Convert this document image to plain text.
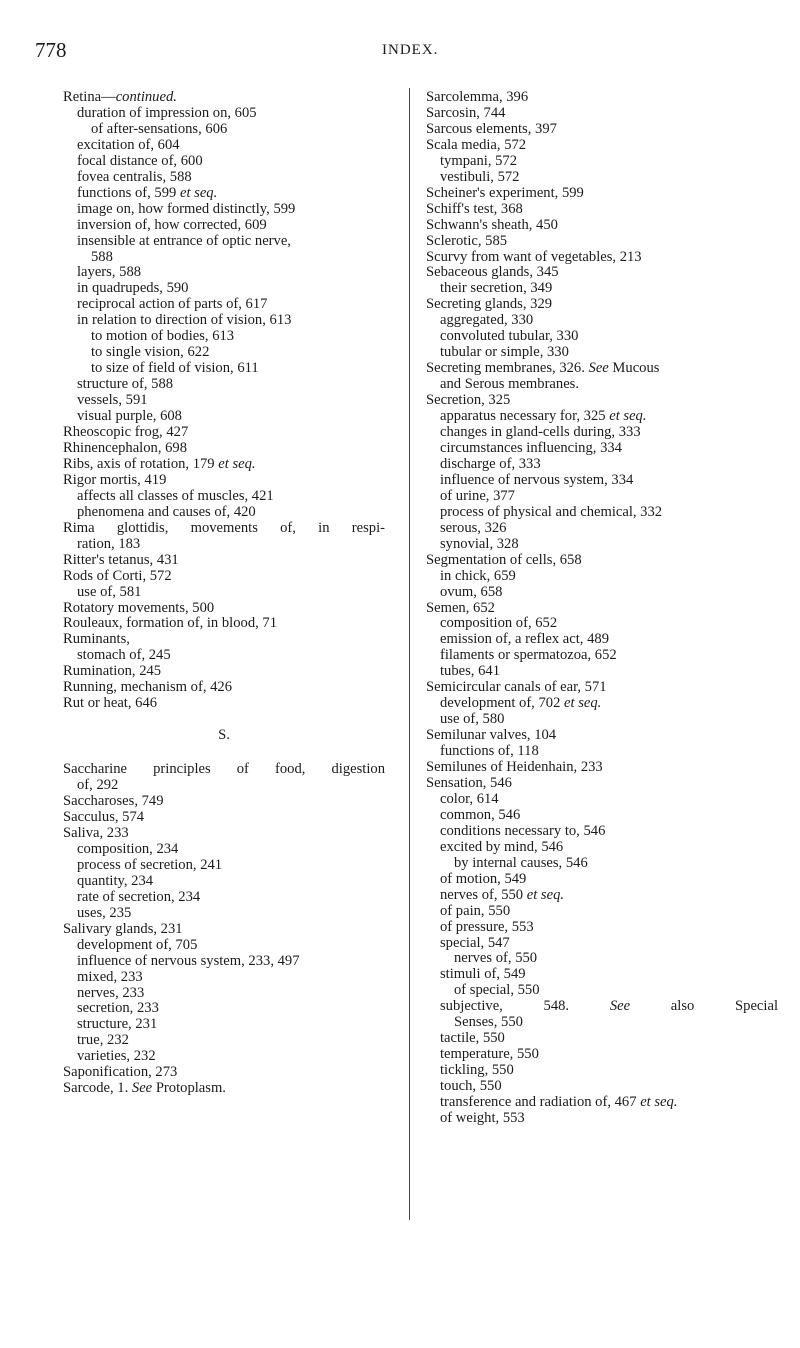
778	INDEX.
Retina—continued.
duration of impression on, 605
of after-sensations, 606
excitation of, 604
focal distance of, 600
fovea centralis, 588
functions of, 599 et seq.
image on, how formed distinctly, 599
inversion of, how corrected, 609
insensible at entrance of optic nerve,
588
layers, 588
in quadrupeds, 590
reciprocal action of parts of, 617
in relation to direction of vision, 613
to motion of bodies, 613
to single vision, 622
to size of field of vision, 611
structure of, 588
vessels, 591
visual purple, 608
Rheoscopic frog, 427
Rhinencephalon, 698
Ribs, axis of rotation, 179 et seq.
Rigor mortis, 419
affects all classes of muscles, 421
phenomena and causes of, 420
Rima glottidis, movements of, in respi-
ration, 183
Ritter's tetanus, 431
Rods of Corti, 572
use of, 581
Rotatory movements, 500
Rouleaux, formation of, in blood, 71
Ruminants,
stomach of, 245
Rumination, 245
Running, mechanism of, 426
Rut or heat, 646
S.
Saccharine principles of food, digestion
of, 292
Saccharoses, 749
Sacculus, 574
Saliva, 233
composition, 234
process of secretion, 241
quantity, 234
rate of secretion, 234
uses, 235
Salivary glands, 231
development of, 705
influence of nervous system, 233, 497
mixed, 233
nerves, 233
secretion, 233
structure, 231
true, 232
varieties, 232
Saponification, 273
Sarcode, 1. See Protoplasm.
Sarcolemma, 396
Sarcosin, 744
Sarcous elements, 397
Scala media, 572
tympani, 572
vestibuli, 572
Scheiner's experiment, 599
Schiff's test, 368
Schwann's sheath, 450
Sclerotic, 585
Scurvy from want of vegetables, 213
Sebaceous glands, 345
their secretion, 349
Secreting glands, 329
aggregated, 330
convoluted tubular, 330
tubular or simple, 330
Secreting membranes, 326. See Mucous
and Serous membranes.
Secretion, 325
apparatus necessary for, 325 et seq.
changes in gland-cells during, 333
circumstances influencing, 334
discharge of, 333
influence of nervous system, 334
of urine, 377
process of physical and chemical, 332
serous, 326
synovial, 328
Segmentation of cells, 658
in chick, 659
ovum, 658
Semen, 652
composition of, 652
emission of, a reflex act, 489
filaments or spermatozoa, 652
tubes, 641
Semicircular canals of ear, 571
development of, 702 et seq.
use of, 580
Semilunar valves, 104
functions of, 118
Semilunes of Heidenhain, 233
Sensation, 546
color, 614
common, 546
conditions necessary to, 546
excited by mind, 546
by internal causes, 546
of motion, 549
nerves of, 550 et seq.
of pain, 550
of pressure, 553
special, 547
nerves of, 550
stimuli of, 549
of special, 550
subjective, 548. See also Special
Senses, 550
tactile, 550
temperature, 550
tickling, 550
touch, 550
transference and radiation of, 467 et seq.
of weight, 553
